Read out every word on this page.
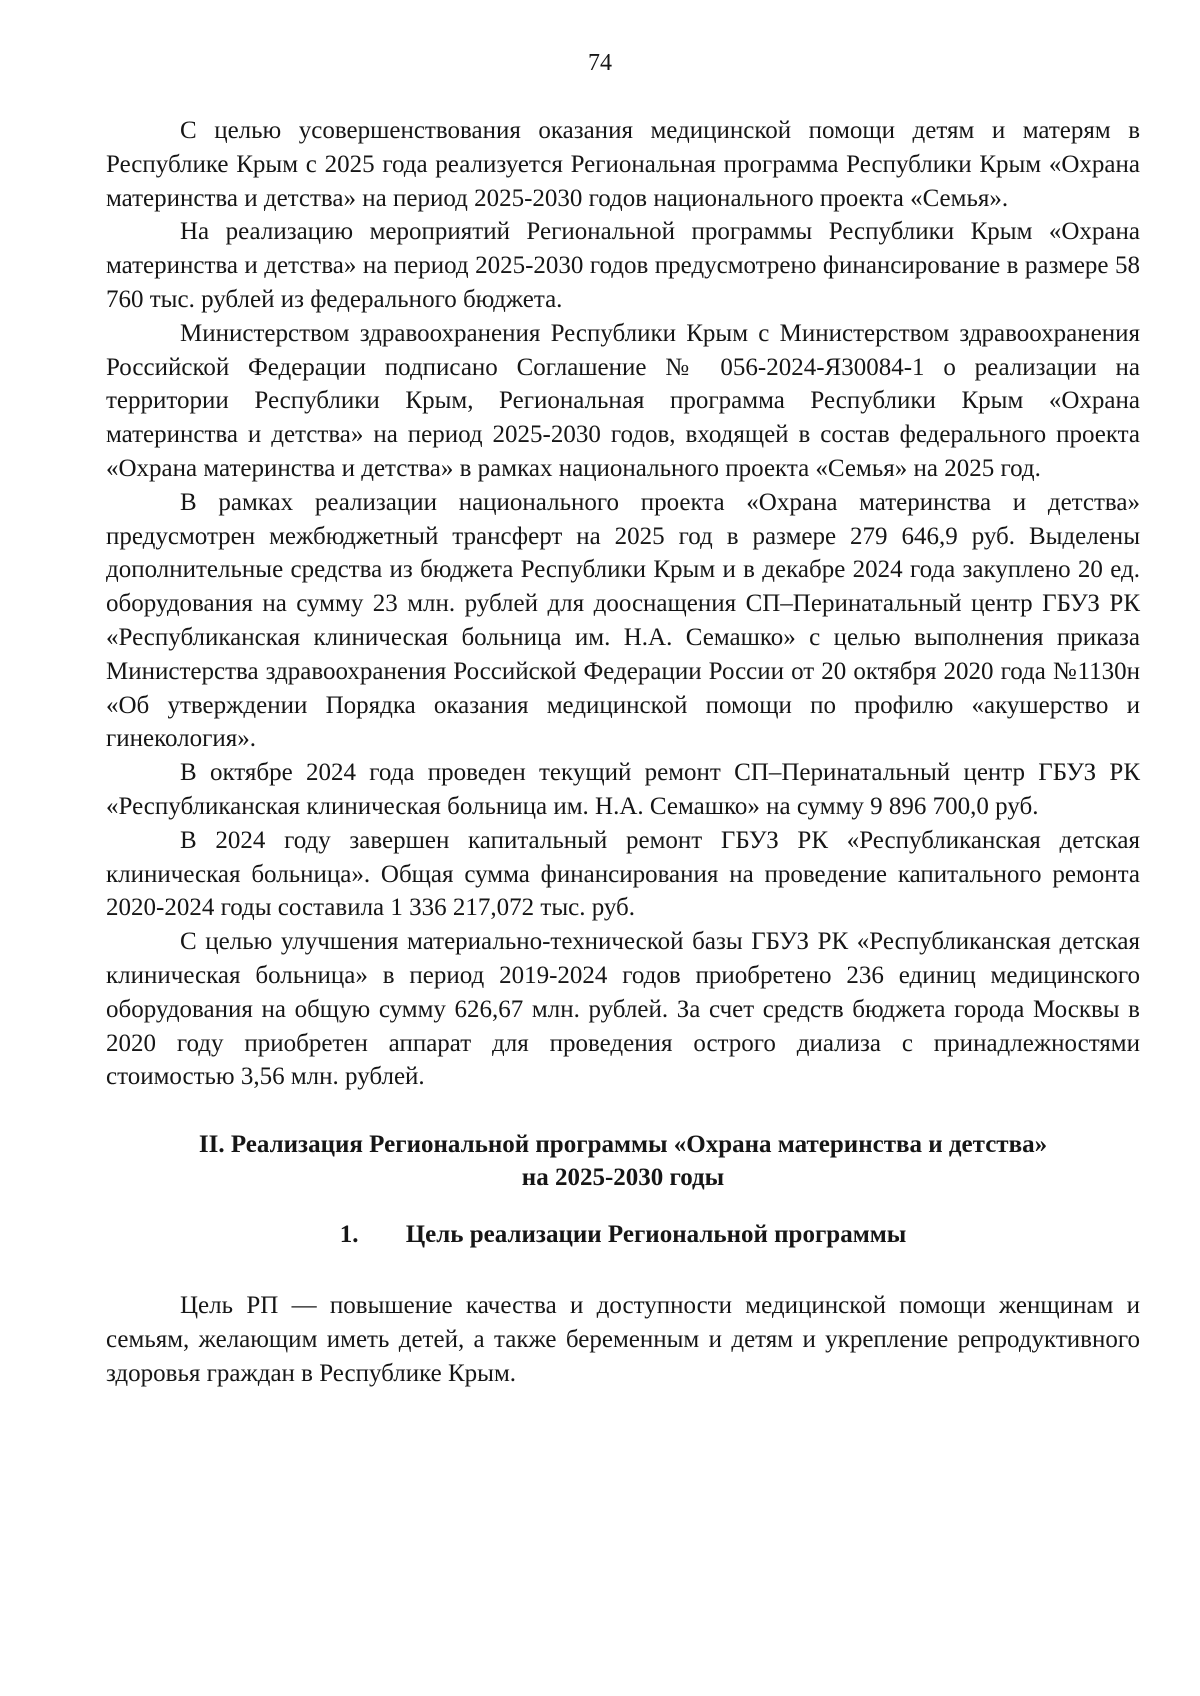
74

С целью усовершенствования оказания медицинской помощи детям и матерям в Республике Крым с 2025 года реализуется Региональная программа Республики Крым «Охрана материнства и детства» на период 2025-2030 годов национального проекта «Семья».

На реализацию мероприятий Региональной программы Республики Крым «Охрана материнства и детства» на период 2025-2030 годов предусмотрено финансирование в размере 58 760 тыс. рублей из федерального бюджета.

Министерством здравоохранения Республики Крым с Министерством здравоохранения Российской Федерации подписано Соглашение № 056-2024-Я30084-1 о реализации на территории Республики Крым, Региональная программа Республики Крым «Охрана материнства и детства» на период 2025-2030 годов, входящей в состав федерального проекта «Охрана материнства и детства» в рамках национального проекта «Семья» на 2025 год.

В рамках реализации национального проекта «Охрана материнства и детства» предусмотрен межбюджетный трансферт на 2025 год в размере 279 646,9 руб. Выделены дополнительные средства из бюджета Республики Крым и в декабре 2024 года закуплено 20 ед. оборудования на сумму 23 млн. рублей для дооснащения СП–Перинатальный центр ГБУЗ РК «Республиканская клиническая больница им. Н.А. Семашко» с целью выполнения приказа Министерства здравоохранения Российской Федерации России от 20 октября 2020 года №1130н «Об утверждении Порядка оказания медицинской помощи по профилю «акушерство и гинекология».

В октябре 2024 года проведен текущий ремонт СП–Перинатальный центр ГБУЗ РК «Республиканская клиническая больница им. Н.А. Семашко» на сумму 9 896 700,0 руб.

В 2024 году завершен капитальный ремонт ГБУЗ РК «Республиканская детская клиническая больница». Общая сумма финансирования на проведение капитального ремонта 2020-2024 годы составила 1 336 217,072 тыс. руб.

С целью улучшения материально-технической базы ГБУЗ РК «Республиканская детская клиническая больница» в период 2019-2024 годов приобретено 236 единиц медицинского оборудования на общую сумму 626,67 млн. рублей. За счет средств бюджета города Москвы в 2020 году приобретен аппарат для проведения острого диализа с принадлежностями стоимостью 3,56 млн. рублей.

II. Реализация Региональной программы «Охрана материнства и детства»
на 2025-2030 годы
1. Цель реализации Региональной программы

Цель РП — повышение качества и доступности медицинской помощи женщинам и семьям, желающим иметь детей, а также беременным и детям и укрепление репродуктивного здоровья граждан в Республике Крым.
